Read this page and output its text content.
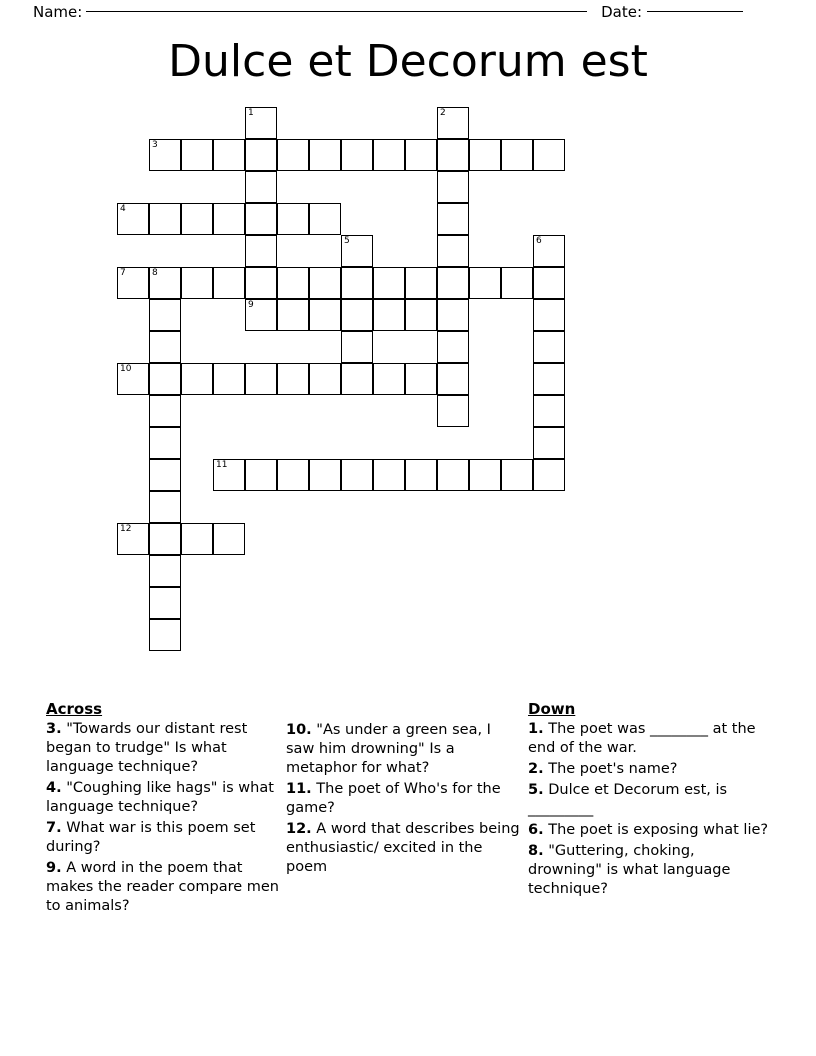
Name:	Date:
Dulce et Decorum est
1	2
3
4
5	6
7	8
9
10
11
12
Across
3. "Towards our distant rest began to trudge" Is what language technique?
4. "Coughing like hags" is what language technique?
7. What war is this poem set during?
9. A word in the poem that makes the reader compare men to animals?
10. "As under a green sea, I saw him drowning" Is a metaphor for what?
11. The poet of Who's for the game?
12. A word that describes being enthusiastic/ excited in the poem
Down
1. The poet was ________ at the end of the war.
2. The poet's name?
5. Dulce et Decorum est, is _________
6. The poet is exposing what lie?
8. "Guttering, choking, drowning" is what language technique?
